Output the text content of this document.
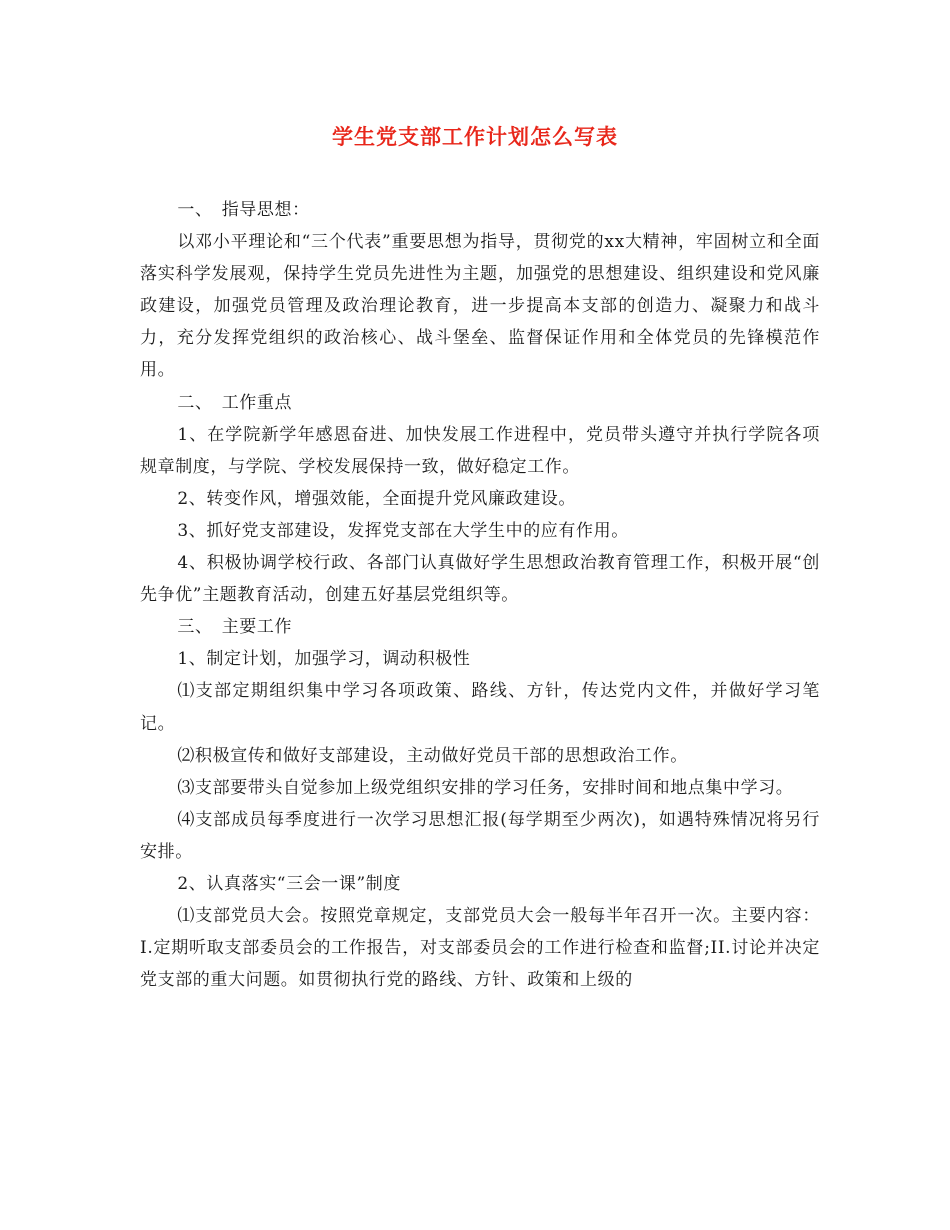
学生党支部工作计划怎么写表

一、　指导思想：

以邓小平理论和“三个代表”重要思想为指导，贯彻党的xx大精神，牢固树立和全面落实科学发展观，保持学生党员先进性为主题，加强党的思想建设、组织建设和党风廉政建设，加强党员管理及政治理论教育，进一步提高本支部的创造力、凝聚力和战斗力，充分发挥党组织的政治核心、战斗堡垒、监督保证作用和全体党员的先锋模范作用。

二、　工作重点

1、在学院新学年感恩奋进、加快发展工作进程中，党员带头遵守并执行学院各项规章制度，与学院、学校发展保持一致，做好稳定工作。

2、转变作风，增强效能，全面提升党风廉政建设。

3、抓好党支部建设，发挥党支部在大学生中的应有作用。

4、积极协调学校行政、各部门认真做好学生思想政治教育管理工作，积极开展“创先争优”主题教育活动，创建五好基层党组织等。

三、　主要工作

1、制定计划，加强学习，调动积极性

⑴支部定期组织集中学习各项政策、路线、方针，传达党内文件，并做好学习笔记。

⑵积极宣传和做好支部建设，主动做好党员干部的思想政治工作。

⑶支部要带头自觉参加上级党组织安排的学习任务，安排时间和地点集中学习。

⑷支部成员每季度进行一次学习思想汇报(每学期至少两次)，如遇特殊情况将另行安排。

2、认真落实“三会一课”制度

⑴支部党员大会。按照党章规定，支部党员大会一般每半年召开一次。主要内容：I.定期听取支部委员会的工作报告，对支部委员会的工作进行检查和监督;II.讨论并决定党支部的重大问题。如贯彻执行党的路线、方针、政策和上级的
